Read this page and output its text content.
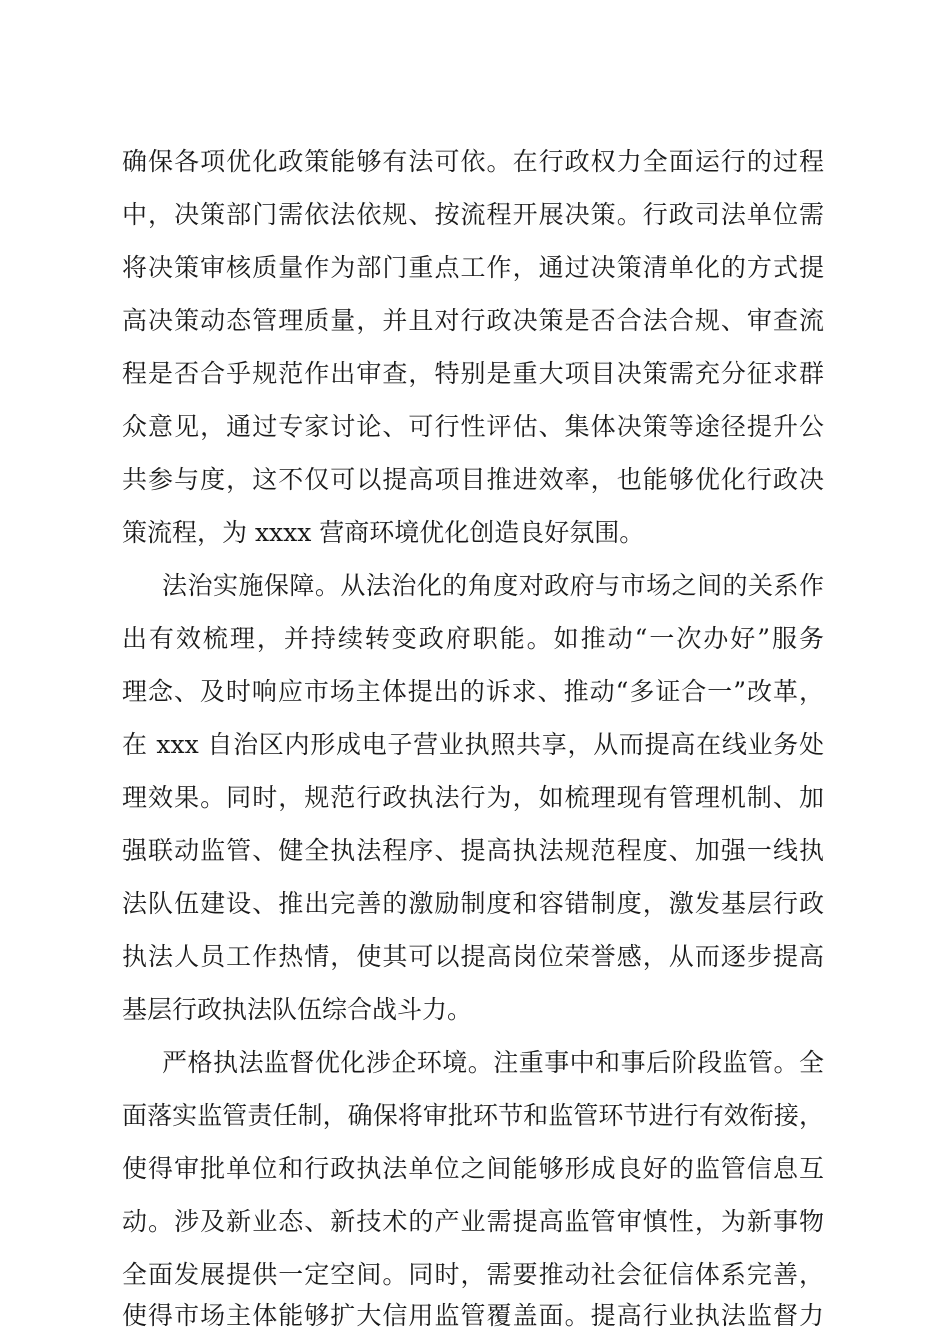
确保各项优化政策能够有法可依。在行政权力全面运行的过程
中，决策部门需依法依规、按流程开展决策。行政司法单位需
将决策审核质量作为部门重点工作，通过决策清单化的方式提
高决策动态管理质量，并且对行政决策是否合法合规、审查流
程是否合乎规范作出审查，特别是重大项目决策需充分征求群
众意见，通过专家讨论、可行性评估、集体决策等途径提升公
共参与度，这不仅可以提高项目推进效率，也能够优化行政决
策流程，为 xxxx 营商环境优化创造良好氛围。
法治实施保障。从法治化的角度对政府与市场之间的关系作
出有效梳理，并持续转变政府职能。如推动“一次办好”服务
理念、及时响应市场主体提出的诉求、推动“多证合一”改革，
在 xxx 自治区内形成电子营业执照共享，从而提高在线业务处
理效果。同时，规范行政执法行为，如梳理现有管理机制、加
强联动监管、健全执法程序、提高执法规范程度、加强一线执
法队伍建设、推出完善的激励制度和容错制度，激发基层行政
执法人员工作热情，使其可以提高岗位荣誉感，从而逐步提高
基层行政执法队伍综合战斗力。
严格执法监督优化涉企环境。注重事中和事后阶段监管。全
面落实监管责任制，确保将审批环节和监管环节进行有效衔接，
使得审批单位和行政执法单位之间能够形成良好的监管信息互
动。涉及新业态、新技术的产业需提高监管审慎性，为新事物
全面发展提供一定空间。同时，需要推动社会征信体系完善，
使得市场主体能够扩大信用监管覆盖面。提高行业执法监督力
